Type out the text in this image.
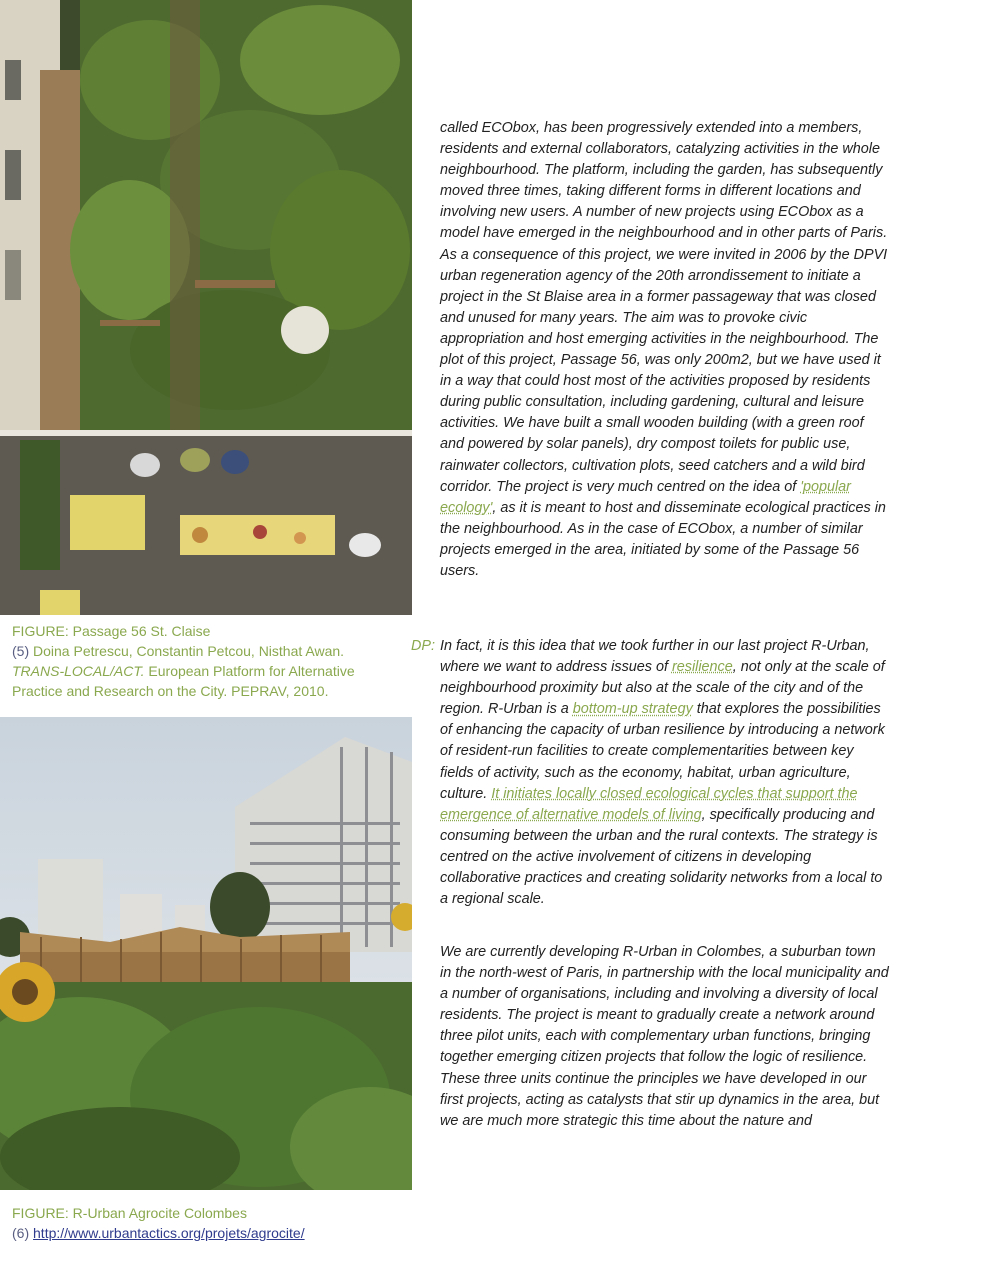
FIGURE: Passage 56 St. Claise
(5) Doina Petrescu, Constantin Petcou, Nisthat Awan.
TRANS-LOCAL/ACT. European Platform for Alternative Practice and Research on the City. PEPRAV, 2010.
FIGURE: R-Urban Agrocite Colombes
(6) http://www.urbantactics.org/projets/agrocite/

called ECObox, has been progressively extended into a members, residents and external collaborators, catalyzing activities in the whole neighbourhood. The platform, including the garden, has subsequently moved three times, taking different forms in different locations and involving new users. A number of new projects using ECObox as a model have emerged in the neighbourhood and in other parts of Paris. As a consequence of this project, we were invited in 2006 by the DPVI urban regeneration agency of the 20th arrondissement to initiate a project in the St Blaise area in a former passageway that was closed and unused for many years. The aim was to provoke civic appropriation and host emerging activities in the neighbourhood. The plot of this project, Passage 56, was only 200m2, but we have used it in a way that could host most of the activities proposed by residents during public consultation, including gardening, cultural and leisure activities. We have built a small wooden building (with a green roof and powered by solar panels), dry compost toilets for public use, rainwater collectors, cultivation plots, seed catchers and a wild bird corridor. The project is very much centred on the idea of 'popular ecology', as it is meant to host and disseminate ecological practices in the neighbourhood. As in the case of ECObox, a number of similar projects emerged in the area, initiated by some of the Passage 56 users.

DP: In fact, it is this idea that we took further in our last project R-Urban, where we want to address issues of resilience, not only at the scale of neighbourhood proximity but also at the scale of the city and of the region. R-Urban is a bottom-up strategy that explores the possibilities of enhancing the capacity of urban resilience by introducing a network of resident-run facilities to create complementarities between key fields of activity, such as the economy, habitat, urban agriculture, culture. It initiates locally closed ecological cycles that support the emergence of alternative models of living, specifically producing and consuming between the urban and the rural contexts. The strategy is centred on the active involvement of citizens in developing collaborative practices and creating solidarity networks from a local to a regional scale.

We are currently developing R-Urban in Colombes, a suburban town in the north-west of Paris, in partnership with the local municipality and a number of organisations, including and involving a diversity of local residents. The project is meant to gradually create a network around three pilot units, each with complementary urban functions, bringing together emerging citizen projects that follow the logic of resilience. These three units continue the principles we have developed in our first projects, acting as catalysts that stir up dynamics in the area, but we are much more strategic this time about the nature and
